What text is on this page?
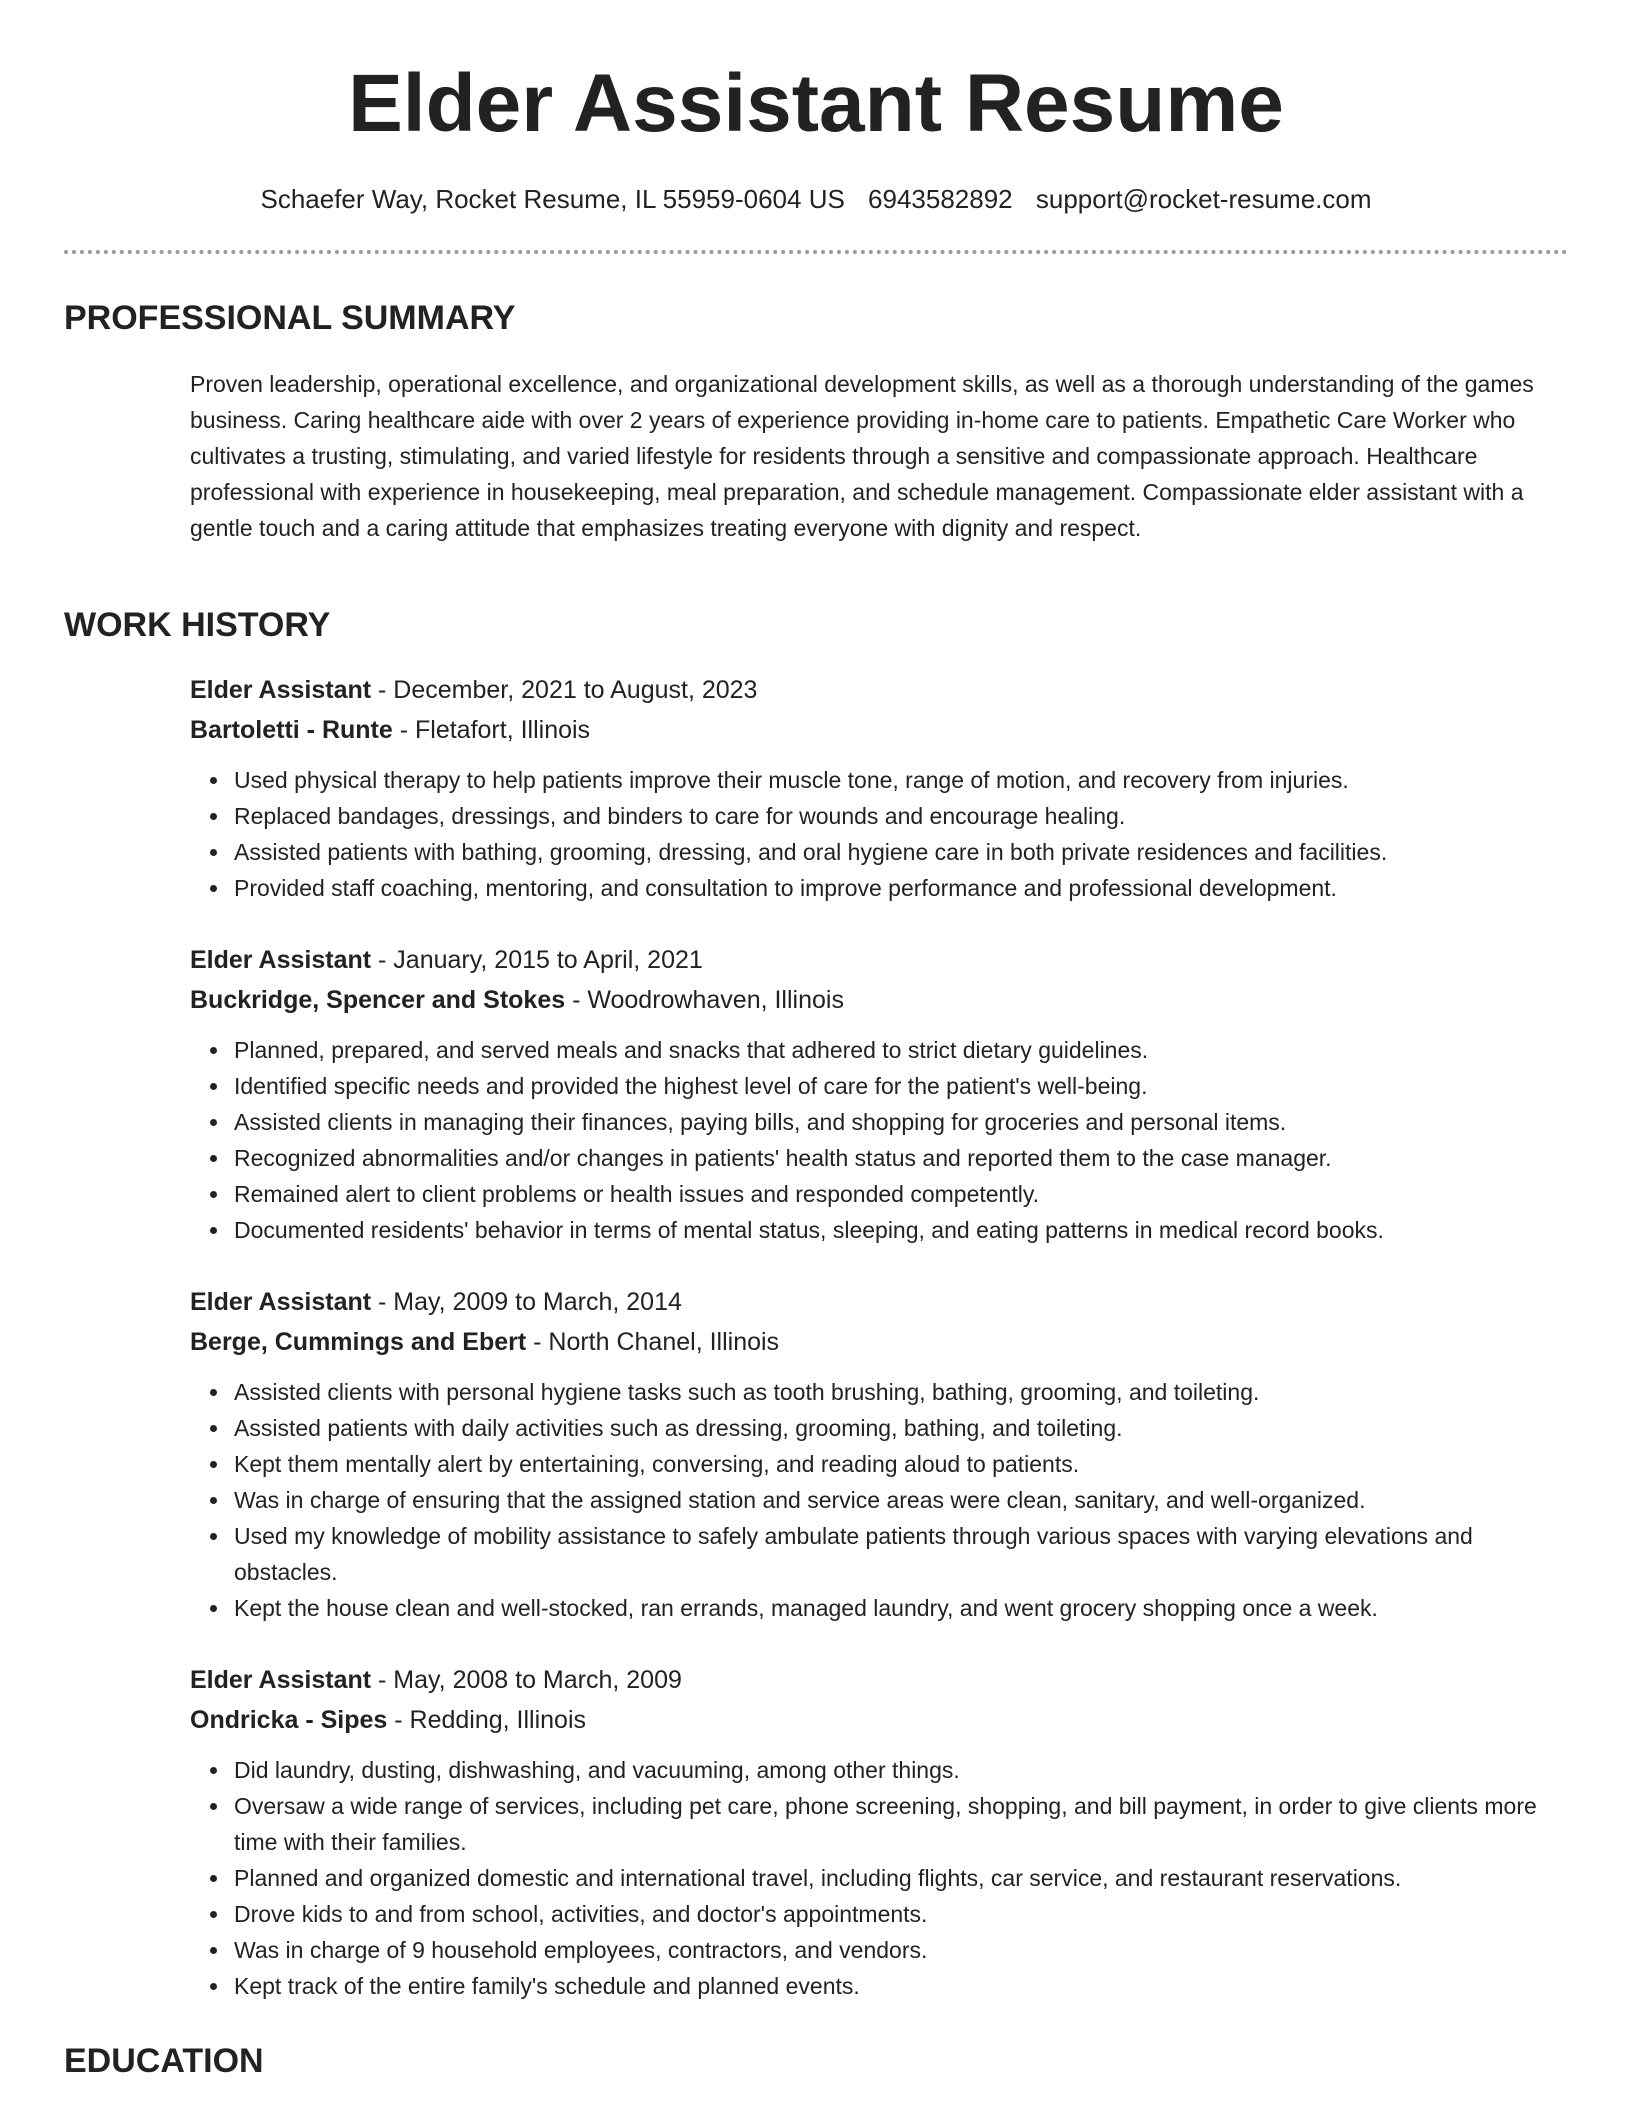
Elder Assistant Resume
Schaefer Way, Rocket Resume, IL 55959-0604 US 6943582892 support@rocket-resume.com
PROFESSIONAL SUMMARY

Proven leadership, operational excellence, and organizational development skills, as well as a thorough understanding of the games business. Caring healthcare aide with over 2 years of experience providing in-home care to patients. Empathetic Care Worker who cultivates a trusting, stimulating, and varied lifestyle for residents through a sensitive and compassionate approach. Healthcare professional with experience in housekeeping, meal preparation, and schedule management. Compassionate elder assistant with a gentle touch and a caring attitude that emphasizes treating everyone with dignity and respect.

WORK HISTORY

Elder Assistant - December, 2021 to August, 2023

Bartoletti - Runte - Fletafort, Illinois

Used physical therapy to help patients improve their muscle tone, range of motion, and recovery from injuries.
Replaced bandages, dressings, and binders to care for wounds and encourage healing.
Assisted patients with bathing, grooming, dressing, and oral hygiene care in both private residences and facilities.
Provided staff coaching, mentoring, and consultation to improve performance and professional development.

Elder Assistant - January, 2015 to April, 2021

Buckridge, Spencer and Stokes - Woodrowhaven, Illinois

Planned, prepared, and served meals and snacks that adhered to strict dietary guidelines.
Identified specific needs and provided the highest level of care for the patient's well-being.
Assisted clients in managing their finances, paying bills, and shopping for groceries and personal items.
Recognized abnormalities and/or changes in patients' health status and reported them to the case manager.
Remained alert to client problems or health issues and responded competently.
Documented residents' behavior in terms of mental status, sleeping, and eating patterns in medical record books.

Elder Assistant - May, 2009 to March, 2014

Berge, Cummings and Ebert - North Chanel, Illinois

Assisted clients with personal hygiene tasks such as tooth brushing, bathing, grooming, and toileting.
Assisted patients with daily activities such as dressing, grooming, bathing, and toileting.
Kept them mentally alert by entertaining, conversing, and reading aloud to patients.
Was in charge of ensuring that the assigned station and service areas were clean, sanitary, and well-organized.
Used my knowledge of mobility assistance to safely ambulate patients through various spaces with varying elevations and obstacles.
Kept the house clean and well-stocked, ran errands, managed laundry, and went grocery shopping once a week.

Elder Assistant - May, 2008 to March, 2009

Ondricka - Sipes - Redding, Illinois

Did laundry, dusting, dishwashing, and vacuuming, among other things.
Oversaw a wide range of services, including pet care, phone screening, shopping, and bill payment, in order to give clients more time with their families.
Planned and organized domestic and international travel, including flights, car service, and restaurant reservations.
Drove kids to and from school, activities, and doctor's appointments.
Was in charge of 9 household employees, contractors, and vendors.
Kept track of the entire family's schedule and planned events.
EDUCATION
